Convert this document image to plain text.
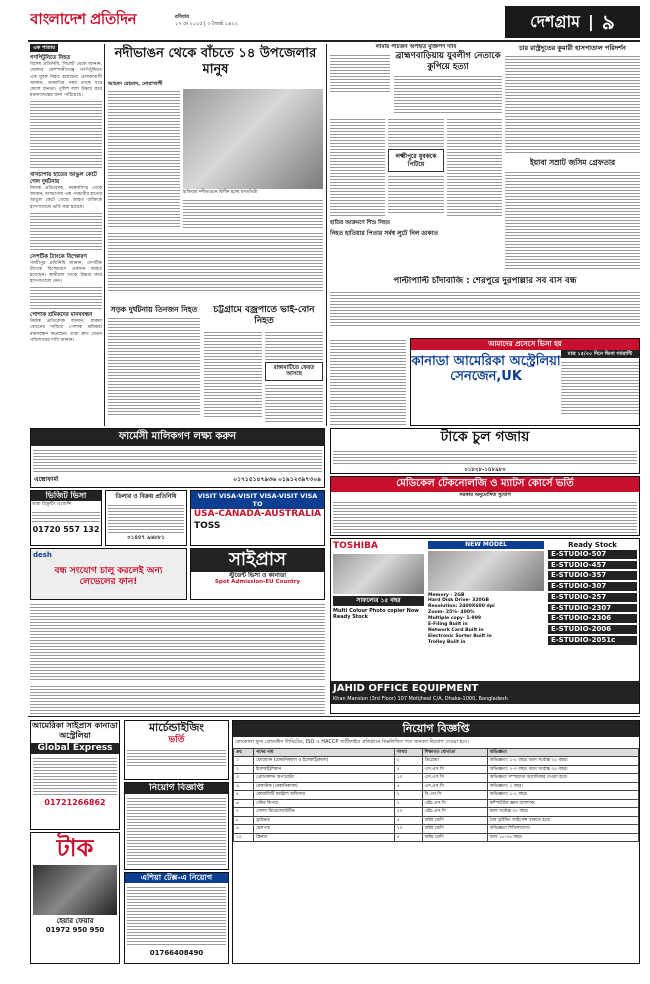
বাংলাদেশ প্রতিদিন	রবিবার
১৭ মে ২০১৫ | ৩ জ্যৈষ্ঠ ১৪২২	দেশগ্রাম | ৯
এক পাতায়
গণপিটুনিতে নিহত
বিশেষ প্রতিনিধি, সিলেট থেকে জানান, জেলার কোম্পানীগঞ্জে গণপিটুনিতে এক যুবক নিহত হয়েছেন। এলাকাবাসী জানান, ডাকাতির সময় তাকে ধরে ফেলে জনতা। পুলিশ লাশ উদ্ধার করে ময়নাতদন্তের জন্য পাঠিয়েছে।
বাসচাপায় হাতের আঙুল কেটে গেল দুর্ঘটনায়
নিজস্ব প্রতিবেদক, ময়মনসিংহ থেকে জানান, বাসচাপায় এক পথচারীর হাতের আঙুল কেটে গেছে। আহত ব্যক্তিকে হাসপাতালে ভর্তি করা হয়েছে।
সেপটিক ট্যাংকে বিস্ফোরণ
গাজীপুর প্রতিনিধি জানান, সেপটিক ট্যাংকে বিস্ফোরণে একজন আহত হয়েছেন। স্থানীয়রা তাকে উদ্ধার করে হাসপাতালে নেন।
পোশাক শ্রমিকদের মানববন্ধন
নিজস্ব প্রতিবেদক জানান, বকেয়া বেতনের দাবিতে পোশাক শ্রমিকরা মানববন্ধন করেছেন। তারা দ্রুত বেতন পরিশোধের দাবি জানান।
নদীভাঙন থেকে বাঁচতে ১৪ উপজেলার মানুষ
আহমদ রেহমান, নোয়াখালী
হাতিয়ায় নদীভাঙনে বিলীন হচ্ছে বসতভিটা
সড়ক দুর্ঘটনায় তিনজন নিহত	চট্টগ্রামে বজ্রপাতে ভাই-বোন নিহত
রাঙ্গামাটিতে ফেরত আসছে
লামায় পাঁচজন অপহৃত মুক্তিপণ দাবি
ব্রাহ্মণবাড়িয়ায় যুবলীগ নেতাকে কুপিয়ে হত্যা
লক্ষ্মীপুরে যুবককে পিটিয়ে
হাতির আক্রমণে শিশু নিহত
নিহত হাতিয়ার পিতার সর্বস্ব লুটে নিল ডাকাত
চার রাস্ট্রদূতের কুমারী হাসপাতাল পরিদর্শন
ইয়াবা সম্রাট জসিম গ্রেফতার
পাল্টাপাল্টি চাঁদাবাজি : শেরপুরে দুরপাল্লার সব বাস বন্ধ
আমাদের প্রসেসে ভিসা হয়
কানাডা আমেরিকা অস্ট্রেলিয়া সেনজেন,UK
মাত্র ১৫/৩০ দিনে ভিসা গ্যারান্টি
ফার্মেসী মালিকগণ লক্ষ্য করুন
এক্মোফার্মা	০১৭১৫১৪৭৯৩৬ ০১৯১২৩৯৭৩০৯
VISIT VISA-VISIT VISA-VISIT VISA TO
USA-CANADA-AUSTRALIA
TOSS
ভিজিট ভিসা
তারা রিক্রুটিং এজেন্সি
01720 557 132
ডিলার ও বিক্রয় প্রতিনিধি
০১৪৫৭ ৯৬৮৮১
টাকে চুল গজায়
০১৮২৮-১৪৮৯৮০
মেডিকেল টেকনোলজি ও ম্যাটস কোর্সে ভর্তি
সরকার অনুমোদিত সুযোগ
সাইপ্রাস
স্টুডেন্ট ভিসা ও কানাডা
Spot Admission-EU Country
desh
বন্ধ সংযোগ চালু করলেই অন্য লেভেলের ফান!
TOSHIBA
সাফল্যের ১৫ বছর
Multi Colour Photo copier Now Ready Stock
NEW MODEL
Memory - 2GB
Hard Disk Drive- 320GB
Resolution: 2400X600 dpi
Zoom- 25%- 400%
Multiple copy- 1-999
E-Filing Built in
Network Card Built in
Electronic Sorter Built in
Trolley Built in
Ready Stock
E-STUDIO-507
E-STUDIO-457
E-STUDIO-357
E-STUDIO-307
E-STUDIO-257
E-STUDIO-2307
E-STUDIO-2306
E-STUDIO-2006
E-STUDIO-2051c
JAHID OFFICE EQUIPMENT
Khan Mansion (3rd Floor) 107 Motijheel C/A, Dhaka-1000, Bangladesh
আমেরিকা সাইপ্রাস কানাডা অস্ট্রেলিয়া
Global Express
01721266862
মার্চেন্ডাইজিং
ভর্তি
নিয়োগ বিজ্ঞপ্তি
টাক
হেয়ার ফেয়ার
01972 950 950
এশিয়া টেক্স-এ নিয়োগ
01766408490
নিয়োগ বিজ্ঞপ্তি
কোকোলা ফুড প্রোডাক্টস লিমিটেড, ISO ও HACCP সার্টিফাইড প্রতিষ্ঠানে নিম্নলিখিত পদে জনবল নিয়োগ দেওয়া হবে।
ক্রঃ	পদের নাম	সংখ্যা	শিক্ষাগত যোগ্যতা	অভিজ্ঞতা
১	ফোরম্যান (মেকানিক্যাল ও ইলেকট্রিক্যাল)	২	ডিপ্লোমা	অভিজ্ঞতা: ১-৫ বছর। বয়স সর্বোচ্চ ৩৫ বছর।
২	ইলেকট্রিশিয়ান	৫	এস.এস.সি	অভিজ্ঞতা: ২-৩ বছর। বয়স সর্বোচ্চ ৩৫ বছর।
৩	প্রোডাকশন অপারেটর	১০	এস.এস.সি	অভিজ্ঞতা সম্পন্নদের অগ্রাধিকার দেওয়া হবে।
৪	মেকানিক (মেকানিক্যাল)	৫	এস.এস.সি	অভিজ্ঞতা: ২ বছর।
৫	কোয়ালিটি কন্ট্রোল অফিসার	২	বি.এস.সি	অভিজ্ঞতা: ১-২ বছর।
৬	স্টোর কিপার	২	এইচ.এস.সি	কম্পিউটার জ্ঞান আবশ্যক।
৭	সেলস রিপ্রেজেন্টেটিভ	২০	এইচ.এস.সি	বয়স সর্বোচ্চ ৩০ বছর।
৮	ড্রাইভার	৫	অষ্টম শ্রেণি	বৈধ ড্রাইভিং লাইসেন্স থাকতে হবে।
৯	হেলপার	১০	অষ্টম শ্রেণি	অভিজ্ঞতা শিথিলযোগ্য।
১০	ক্লিনার	৫	অষ্টম শ্রেণি	বয়স ১৮-৩৫ বছর।
